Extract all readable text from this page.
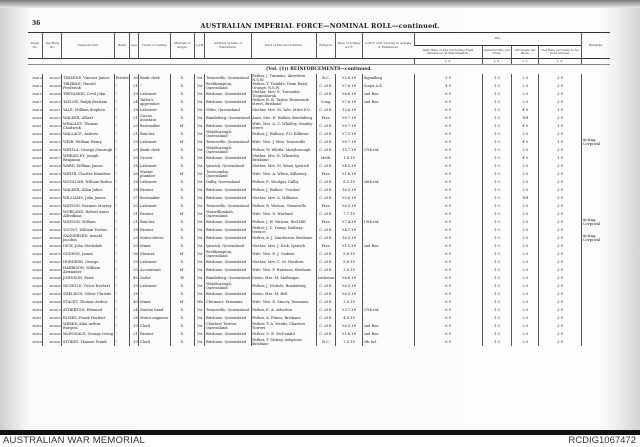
36	AUSTRALIAN IMPERIAL FORCE—NOMINAL ROLL—continued.
Regtl. No.	Tax Book No.	Name (in full).	Rank.	Age.	Trade or Calling.	Married or Single.	A.J.B.	Address at Date of Enlistment.	Next of Kin and Address.	Religion.	Date of Joining A.I.F.	A.M.F. Unit Serving in at Date of Enlistment.	Pay.				Remarks.
													Daily Rate of Pay (including Field Allowance) at Embarkation.	Deferred Pay per Diem.	Allotment per Diem.	Net Rate per Diem to be Paid Abroad.	
													s. d.	s. d.	s. d.	s. d.	
(Vol. (1)) REINFORCEMENTS—continued.																	
39414	402007	TIMMINS, Vincent Junior	Private	30	Bank clerk	S.	1st	Townsville, Queensland	Father, J. Timmins, Aberdeen, N.S.W.	R.C.	25.6.18	Signalling	5 0	1 0	2 0	2 0	
39413	402008	TRIMBLE, Harold Frederick	"	21	"	S.	1st	Rockhampton, Queensland	Father, T. Trimble, Dean Road, Orange, N.S.W.	C. of E.	27.6.18	Corps A.E.	4 0	1 0	2 0	2 0	
39415	402009	TREVASKIS, Cecil John	"	19	Labourer	S.	1st	Brisbane, Queensland	Mother, Mrs. E. Trevaskis, Toogoolawah	C. of E.	26.6.18	2nd Res.	6 0	1 0	3 0	2 0	
39417	402010	TAYLOR, Ralph Bertram	"	24	Tailor's apprentice	S.	1st	Brisbane, Queensland	Father, R. B. Taylor, Brunswick-street, Brisbane	Cong.	27.6.18	2nd Res.	6 0	1 0	3 0	2 0	
39419	402011	YALE, William Stephen	"	18	Labourer	S.	1st	Miles, Queensland	Mother, Mrs. M. Yale, Miles P.O.	C. of E.	13.6.18	..	6 0	1 0	4 0	1 0	
39420	402012	WALKER, Albert	"	21	Circus assistant	S.	1st	Bundaberg, Queensland	Aunt, Mrs. E. Walker, Bundaberg	Pres.	28.7.18	..	6 0	1 0	Nil	2 0	
39421	402013	WHALLEY, Thomas Chadwick	"	23	Bootmaker	M.	1st	Brisbane, Queensland	Wife, Mrs. A. C. Whalley, Stanley-street	C. of E.	20.7.18	..	6 0	1 0	4 0	1 0	
39422	402014	WALLACE, Andrew	"	21	Butcher	S.	1st	Maryborough, Queensland	Father, J. Wallace, P.O. Kilkivan	C. of E.	27.5.18	..	6 0	1 0	3 0	2 0	
39424	402015	WEIR, William Henry	"	29	Labourer	M.	1st	Townsville, Queensland	Wife, Mrs. J. Weir, Townsville	C. of E.	28.7.18	..	6 0	1 0	4 0	1 0	Acting Corporal
39425	402016	WHITLA, George Macaugh	"	23	Bank clerk	S.	1st	Maryborough, Queensland	Father, W. Whitla, Maryborough	C. of E.	15.7.18	27th Inf.	6 0	1 0	3 0	2 0	
39426	402017	WHEATLEY, Joseph Benjamin	"	20	Grocer	S.	1st	Brisbane, Queensland	Mother, Mrs. E. Wheatley, Brisbane	Meth.	1.8.18	..	6 0	1 0	4 0	1 0	
39427	402018	WARD, William James	"	18	Labourer	S.	1st	Ipswich, Queensland	Mother, Mrs. M. Ward, Ipswich	C. of E.	24.5.18	..	6 0	1 0	3 0	2 0	
39428	402019	WHITE, Charles Hamilton	"	26	Master plumber	M.	1st	Toowoomba, Queensland	Wife, Mrs. A. White, Killarney	Pres.	21.6.18	..	6 0	1 0	3 0	2 0	
39429	402020	WOOLGAR, William Baden	"	18	Labourer	S.	1st	Dalby, Queensland	Father, E. Woolgar, Dalby	C. of E.	8.5.18	26th Inf.	6 0	1 0	3 0	2 0	
39431	402021	WALKER, Allan Julius	"	18	Farmer	S.	1st	Brisbane, Queensland	Father, J. Walker, "Gordon"	C. of E.	16.5.18	..	6 0	1 0	3 0	2 0	
39432	402022	WILLIAMS, John James	"	27	Bootmaker	S.	1st	Brisbane, Queensland	Mother, Mrs. A. Williams	C. of E.	20.6.18	..	6 0	1 0	Nil	5 0	
39433	402023	WATSON, Norman Murray	"	20	Labourer	S.	1st	Townsville, Queensland	Father, R. Watson, Townsville	Pres.	26.5.18	..	6 0	1 0	3 0	2 0	
39434	402027	WORLAND, Robert Amos Alfredkins	"	31	Farmer	M.	1st	Murwillumbah, Queensland	Wife, Mrs. D. Worland	C. of E.	7.7.18	..	6 0	1 0	3 0	2 0	
39435	402041	WATSON, William	"	21	Butcher	S.	1st	Brisbane, Queensland	Father, J. H. Watson, Red Hill	Pres.	27.4.18	15th Inf.	6 0	1 0	3 0	2 0	Acting Corporal
39436	402042	YOUNG, William Tertius	"	18	Farmer	S.	1st	Brisbane, Queensland	Father, J. C. Young, Railway-terrace	C. of E.	24.7.18	..	6 0	1 0	3 0	2 0	
39437	402043	ZANDERSEN, Arnold Jacobus	"	23	Motor-driver	S.	1st	Brisbane, Queensland	Father, A. J. Zandersen, Brisbane	C. of E.	16.5.18	..	6 0	1 0	3 0	2 0	Acting Corporal
39438	402060	DICK, John Stockdale	"	20	Miner	S.	1st	Ipswich, Queensland	Mother, Mrs. J. Dick, Ipswich	Pres.	21.1.18	2nd Res.	6 0	1 0	3 0	2 0	
39440	402072	GODWIN, James	"	36	Shearer	M.	1st	Rockhampton, Queensland	Wife, Mrs. E. J. Godwin	C. of E.	9.8.18	..	6 0	1 0	3 0	2 0	
39441	402047	HORDERN, George	"	39	Labourer	S.	1st	Brisbane, Queensland	Mother, Mrs. C. M. Hordern	C. of E.	9.8.18	..	6 0	1 0	3 0	2 0	
39442	402026	HARRISON, William Alexander	"	33	Accountant	M.	1st	Brisbane, Queensland	Wife, Mrs. F. Harrison, Brisbane	C. of E.	3.8.18	..	6 0	1 0	3 0	2 0	
39443	402046	JOHNSON, Peter	"	42	Sailor	W.	1st	Bundaberg, Queensland	Sister, Mrs. M. Mallanger	Lutheran	26.6.18	..	6 0	1 0	3 0	2 0	
39444	402045	NICHOLS, Victor Herbert	"	19	Labourer	S.	1st	Maryborough, Queensland	Father, J. Nichols, Bundaberg	C. of E.	26.5.18	..	6 0	1 0	3 0	2 0	
39447	402050	SHELDON, Oliver Christie	"	18	"	S.	1st	Brisbane, Queensland	Sister, Mrs. M. Bell	C. of E.	26.5.18	..	6 0	1 0	3 0	2 0	
39448	402090	STACEY, Thomas Arthur	"	40	Miner	M.	5th	Clermont, Tasmania	Wife, Mrs. E. Stacey, Tasmania	C. of E.	3.8.18	..	6 0	1 0	3 0	2 0	
39450	402019	ATHERTON, Edmund	"	24	Station hand	S.	1st	Townsville, Queensland	Father, E. A. Atherton	C. of E.	23.7.18	27th Inf.	6 0	1 0	3 0	2 0	
39451	402055	ELMES, Frank Herbert	"	28	Motor engineer	S.	1st	Brisbane, Queensland	Father, A. Elmes, Brisbane	C. of E.	4.5.18	..	6 0	1 0	3 0	2 0	
39452	402042	WEEKS, Alan Arthur Burgess	"	19	Clerk	S.	1st	Charters Towers, Queensland	Father, T. A. Weeks, Charters Towers	C. of E.	26.5.18	2nd Res.	6 0	1 0	3 0	2 0	
39453	402045	McDONALD, George Irving	"	21	Farmer	S.	1st	Brisbane, Queensland	Father, G. E. McDonald	C. of E.	21.8.18	2nd Res.	6 0	1 0	3 0	2 0	
39454	402091	STOKEY, Thomas Frank	"	19	Clerk	S.	1st	Brisbane, Queensland	Father, T. Stokey, Ashgrove, Brisbane	R.C.	7.5.18	5th Inf.	6 0	1 0	3 0	2 0	
AUSTRALIAN WAR MEMORIAL	RCDIG1067472
